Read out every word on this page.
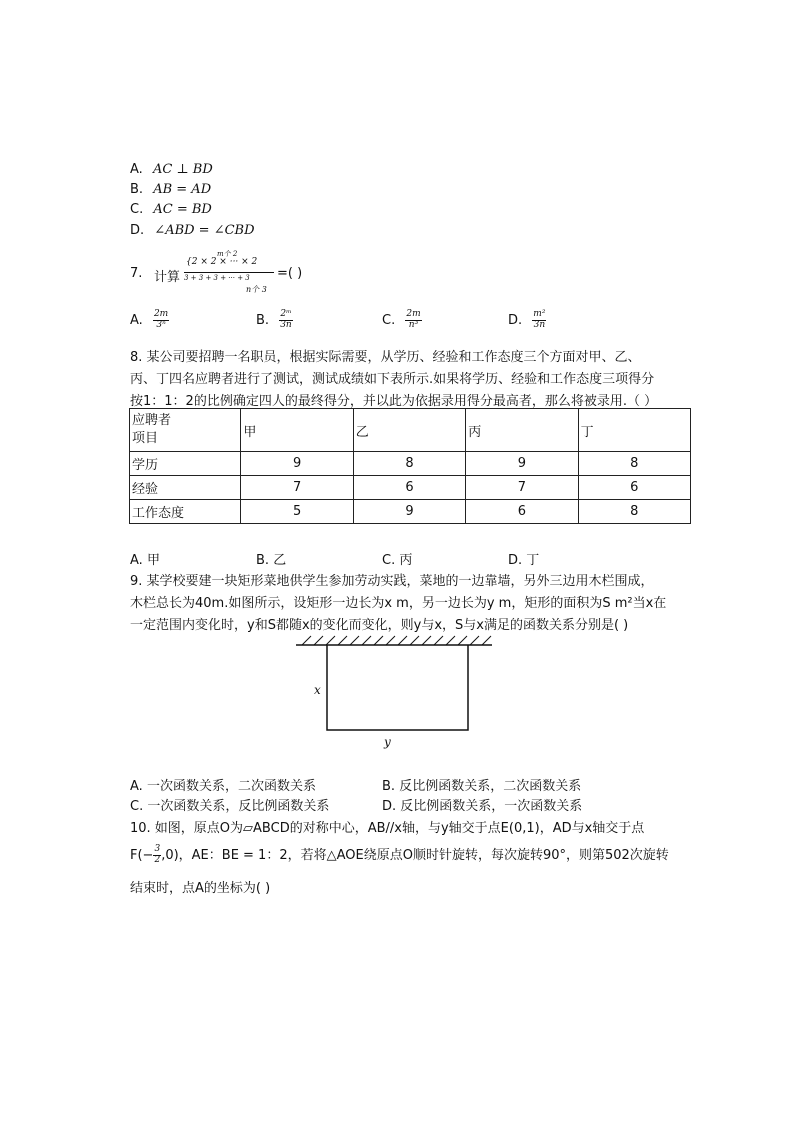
A. AC ⊥ BD
B. AB = AD
C. AC = BD
D. ∠ABD = ∠CBD
7. 计算
m个 2
{2 × 2 × ··· × 2
3 + 3 + 3 + ··· + 3
n个 3
=( )
A. $\frac{2m}{\text{3ⁿ}}$	B. $\frac{\text{2ᵐ}}{3n}$	C. $\frac{2m}{\text{n³}}$	D. $\frac{\text{m²}}{3n}$
8. 某公司要招聘一名职员，根据实际需要，从学历、经验和工作态度三个方面对甲、乙、
丙、丁四名应聘者进行了测试，测试成绩如下表所示.如果将学历、经验和工作态度三项得分
按1：1：2的比例确定四人的最终得分，并以此为依据录用得分最高者，那么将被录用.（ ）
应聘者
项目	甲	乙	丙	丁
学历	9	8	9	8
经验	7	6	7	6
工作态度	5	9	6	8
A. 甲	B. 乙	C. 丙	D. 丁
9. 某学校要建一块矩形菜地供学生参加劳动实践，菜地的一边靠墙，另外三边用木栏围成，
木栏总长为40m.如图所示，设矩形一边长为x m，另一边长为y m，矩形的面积为S m²当x在
一定范围内变化时，y和S都随x的变化而变化，则y与x，S与x满足的函数关系分别是( )
x
y
A. 一次函数关系，二次函数关系	B. 反比例函数关系，二次函数关系
C. 一次函数关系，反比例函数关系	D. 反比例函数关系，一次函数关系
10. 如图，原点O为▱ABCD的对称中心，AB//x轴，与y轴交于点E(0,1)，AD与x轴交于点
$F(- \frac{3}{2} ,0)$，AE：BE = 1：2，若将△AOE绕原点O顺时针旋转，每次旋转90°，则第502次旋转
结束时，点A的坐标为( )
